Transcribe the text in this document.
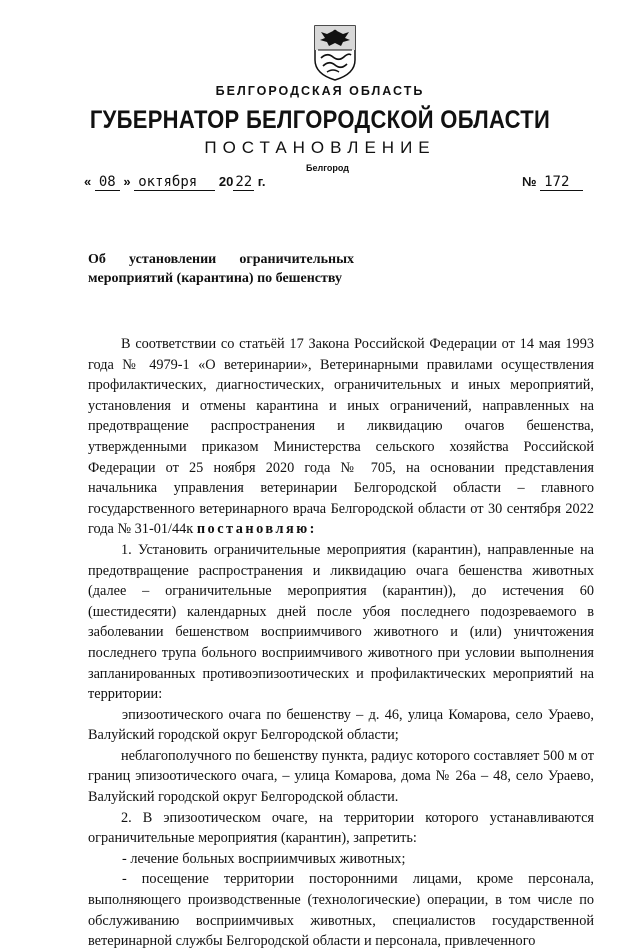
БЕЛГОРОДСКАЯ ОБЛАСТЬ
ГУБЕРНАТОР БЕЛГОРОДСКОЙ ОБЛАСТИ
ПОСТАНОВЛЕНИЕ
Белгород
« 08 » октября 20 22 г.	№ 172
Об установлении ограничительных мероприятий (карантина) по бешенству

В соответствии со статьёй 17 Закона Российской Федерации от 14 мая 1993 года № 4979-1 «О ветеринарии», Ветеринарными правилами осуществления профилактических, диагностических, ограничительных и иных мероприятий, установления и отмены карантина и иных ограничений, направленных на предотвращение распространения и ликвидацию очагов бешенства, утвержденными приказом Министерства сельского хозяйства Российской Федерации от 25 ноября 2020 года № 705, на основании представления начальника управления ветеринарии Белгородской области – главного государственного ветеринарного врача Белгородской области от 30 сентября 2022 года № 31-01/44к постановляю:

1. Установить ограничительные мероприятия (карантин), направленные на предотвращение распространения и ликвидацию очага бешенства животных (далее – ограничительные мероприятия (карантин)), до истечения 60 (шестидесяти) календарных дней после убоя последнего подозреваемого в заболевании бешенством восприимчивого животного и (или) уничтожения последнего трупа больного восприимчивого животного при условии выполнения запланированных противоэпизоотических и профилактических мероприятий на территории:

эпизоотического очага по бешенству – д. 46, улица Комарова, село Ураево, Валуйский городской округ Белгородской области;

неблагополучного по бешенству пункта, радиус которого составляет 500 м от границ эпизоотического очага, – улица Комарова, дома № 26а – 48, село Ураево, Валуйский городской округ Белгородской области.

2. В эпизоотическом очаге, на территории которого устанавливаются ограничительные мероприятия (карантин), запретить:

- лечение больных восприимчивых животных;

- посещение территории посторонними лицами, кроме персонала, выполняющего производственные (технологические) операции, в том числе по обслуживанию восприимчивых животных, специалистов государственной ветеринарной службы Белгородской области и персонала, привлеченного
